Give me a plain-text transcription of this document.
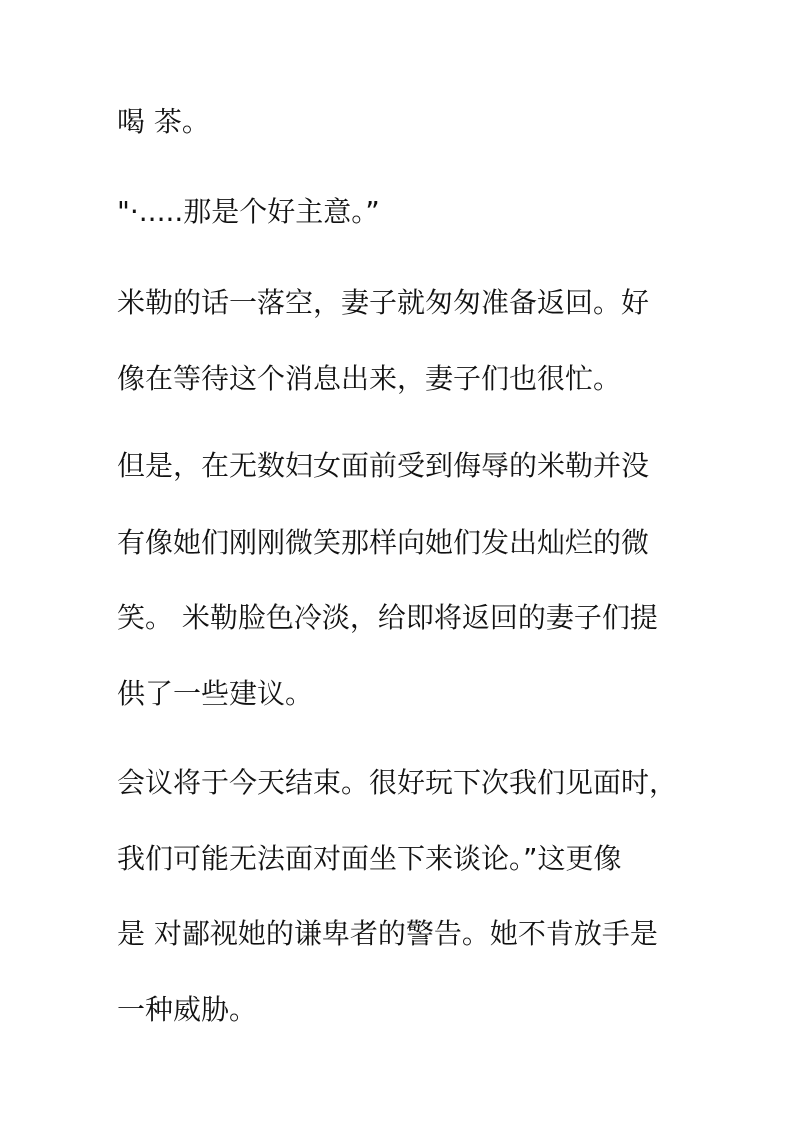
喝 茶。
"·.....那是个好主意。”
米勒的话一落空，妻子就匆匆准备返回。好
像在等待这个消息出来，妻子们也很忙。
但是，在无数妇女面前受到侮辱的米勒并没
有像她们刚刚微笑那样向她们发出灿烂的微
笑。 米勒脸色冷淡，给即将返回的妻子们提
供了一些建议。
会议将于今天结束。很好玩下次我们见面时，
我们可能无法面对面坐下来谈论。”这更像
是 对鄙视她的谦卑者的警告。她不肯放手是
一种威胁。
